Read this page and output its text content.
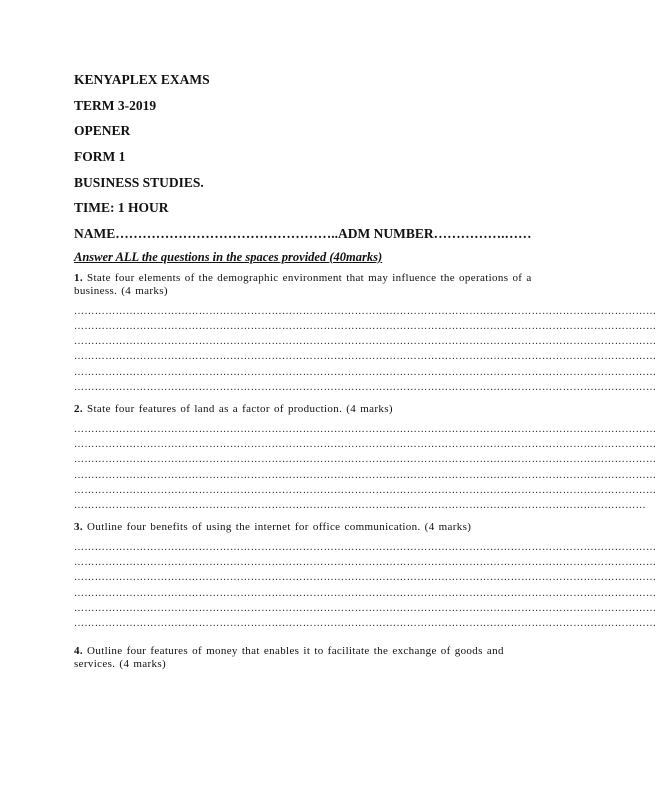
KENYAPLEX EXAMS
TERM 3-2019
OPENER
FORM 1
BUSINESS STUDIES.
TIME: 1 HOUR
NAME…………………………………………..ADM NUMBER…………….……
Answer ALL the questions in the spaces provided (40marks)
1. State four elements of the demographic environment that may influence the operations of a business. (4 marks)
……………………………………………………………………………………………………………………………………………………
……………………………………………………………………………………………………………………………………………………
……………………………………………………………………………………………………………………………………………………
……………………………………………………………………………………………………………………………………………………
……………………………………………………………………………………………………………………………………………………
……………………………………………………………………………………………………………………………………………………
2. State four features of land as a factor of production. (4 marks)
……………………………………………………………………………………………………………………………………………………
……………………………………………………………………………………………………………………………………………………
……………………………………………………………………………………………………………………………………………………
……………………………………………………………………………………………………………………………………………………
……………………………………………………………………………………………………………………………………………………
…………………………………………………………………………………………………………………………………………………
3. Outline four benefits of using the internet for office communication. (4 marks)
……………………………………………………………………………………………………………………………………………………
……………………………………………………………………………………………………………………………………………………
……………………………………………………………………………………………………………………………………………………
……………………………………………………………………………………………………………………………………………………
……………………………………………………………………………………………………………………………………………………
……………………………………………………………………………………………………………………………………………………
4. Outline four features of money that enables it to facilitate the exchange of goods and services. (4 marks)
